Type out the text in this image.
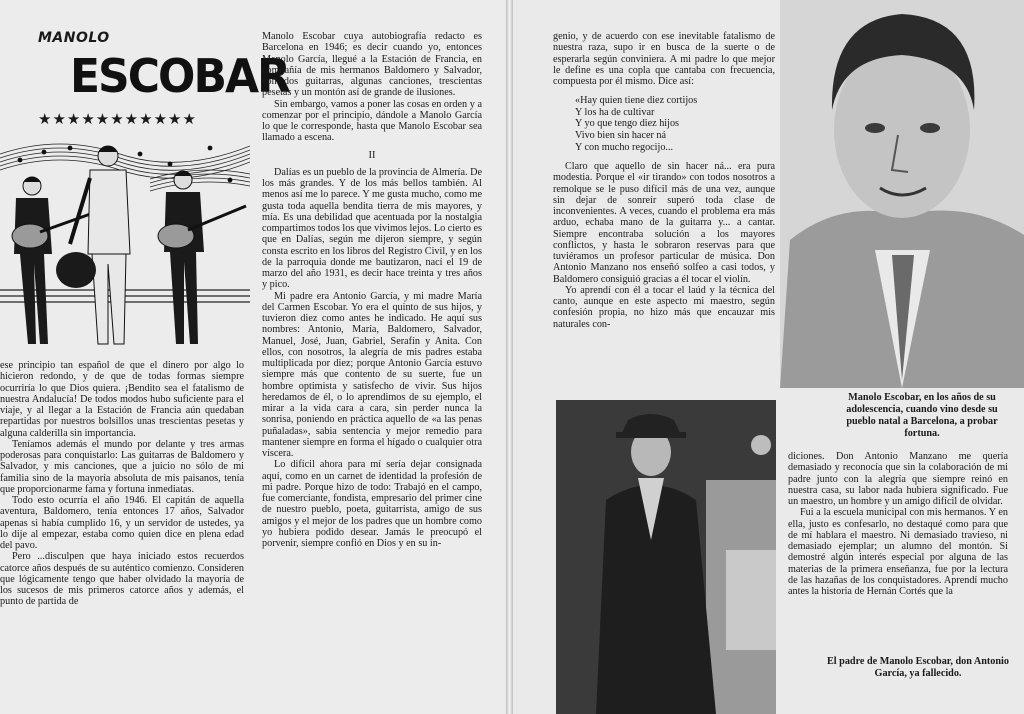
MANOLO
ESCOBAR
★★★★★★★★★★★

ese principio tan español de que el dinero por algo lo hicieron redondo, y de que de todas formas siempre ocurriría lo que Dios quiera. ¡Bendito sea el fatalismo de nuestra Andalucía! De todos modos hubo suficiente para el viaje, y al llegar a la Estación de Francia aún quedaban repartidas por nuestros bolsillos unas trescientas pesetas y alguna calderilla sin importancia.

Teníamos además el mundo por delante y tres armas poderosas para conquistarlo: Las guitarras de Baldomero y Salvador, y mis canciones, que a juicio no sólo de mi familia sino de la mayoría absoluta de mis paisanos, tenía que proporcionarme fama y fortuna inmediatas.

Todo esto ocurría el año 1946. El capitán de aquella aventura, Baldomero, tenía entonces 17 años, Salvador apenas si había cumplido 16, y un servidor de ustedes, ya lo dije al empezar, estaba como quien dice en plena edad del pavo.

Pero ...disculpen que haya iniciado estos recuerdos catorce años después de su auténtico comienzo. Consideren que lógicamente tengo que haber olvidado la mayoría de los sucesos de mis primeros catorce años y además, el punto de partida de

Manolo Escobar cuya autobiografía redacto es Barcelona en 1946; es decir cuando yo, entonces Manolo García, llegué a la Estación de Francia, en compañía de mis hermanos Baldomero y Salvador, con dos guitarras, algunas canciones, trescientas pesetas y un montón así de grande de ilusiones.

Sin embargo, vamos a poner las cosas en orden y a comenzar por el principio, dándole a Manolo García lo que le corresponde, hasta que Manolo Escobar sea llamado a escena.

II

Dalías es un pueblo de la provincia de Almería. De los más grandes. Y de los más bellos también. Al menos así me lo parece. Y me gusta mucho, como me gusta toda aquella bendita tierra de mis mayores, y mía. Es una debilidad que acentuada por la nostalgia compartimos todos los que vivimos lejos. Lo cierto es que en Dalías, según me dijeron siempre, y según consta escrito en los libros del Registro Civil, y en los de la parroquia donde me bautizaron, nací el 19 de marzo del año 1931, es decir hace treinta y tres años y pico.

Mi padre era Antonio García, y mi madre María del Carmen Escobar. Yo era el quinto de sus hijos, y tuvieron diez como antes he indicado. He aquí sus nombres: Antonio, María, Baldomero, Salvador, Manuel, José, Juan, Gabriel, Serafín y Anita. Con ellos, con nosotros, la alegría de mis padres estaba multiplicada por diez; porque Antonio García estuvo siempre más que contento de su suerte, fue un hombre optimista y satisfecho de vivir. Sus hijos heredamos de él, o lo aprendimos de su ejemplo, el mirar a la vida cara a cara, sin perder nunca la sonrisa, poniendo en práctica aquello de «a las penas puñaladas», sabia sentencia y mejor remedio para mantener siempre en forma el hígado o cualquier otra víscera.

Lo difícil ahora para mí sería dejar consignada aquí, como en un carnet de identidad la profesión de mi padre. Porque hizo de todo: Trabajó en el campo, fue comerciante, fondista, empresario del primer cine de nuestro pueblo, poeta, guitarrista, amigo de sus amigos y el mejor de los padres que un hombre como yo hubiera podido desear. Jamás le preocupó el porvenir, siempre confió en Dios y en su in-

genio, y de acuerdo con ese inevitable fatalismo de nuestra raza, supo ir en busca de la suerte o de esperarla según conviniera. A mi padre lo que mejor le define es una copla que cantaba con frecuencia, compuesta por él mismo. Dice así:

«Hay quien tiene diez cortijos
Y los ha de cultivar
Y yo que tengo diez hijos
Vivo bien sin hacer ná
Y con mucho regocijo...

Claro que aquello de sin hacer ná... era pura modestia. Porque el «ir tirando» con todos nosotros a remolque se le puso difícil más de una vez, aunque sin dejar de sonreír superó toda clase de inconvenientes. A veces, cuando el problema era más arduo, echaba mano de la guitarra y... a cantar. Siempre encontraba solución a los mayores conflictos, y hasta le sobraron reservas para que tuviéramos un profesor particular de música. Don Antonio Manzano nos enseñó solfeo a casi todos, y Baldomero consiguió gracias a él tocar el violín.

Yo aprendí con él a tocar el laúd y la técnica del canto, aunque en este aspecto mi maestro, según confesión propia, no hizo más que encauzar mis naturales con-

Manolo Escobar, en los años de su adolescencia, cuando vino desde su pueblo natal a Barcelona, a probar fortuna.

diciones. Don Antonio Manzano me quería demasiado y reconocía que sin la colaboración de mi padre junto con la alegría que siempre reinó en nuestra casa, su labor nada hubiera significado. Fue un maestro, un hombre y un amigo difícil de olvidar.

Fui a la escuela municipal con mis hermanos. Y en ella, justo es confesarlo, no destaqué como para que de mí hablara el maestro. Ni demasiado travieso, ni demasiado ejemplar; un alumno del montón. Si demostré algún interés especial por alguna de las materias de la primera enseñanza, fue por la lectura de las hazañas de los conquistadores. Aprendí mucho antes la historia de Hernán Cortés que la

El padre de Manolo Escobar, don Antonio García, ya fallecido.
